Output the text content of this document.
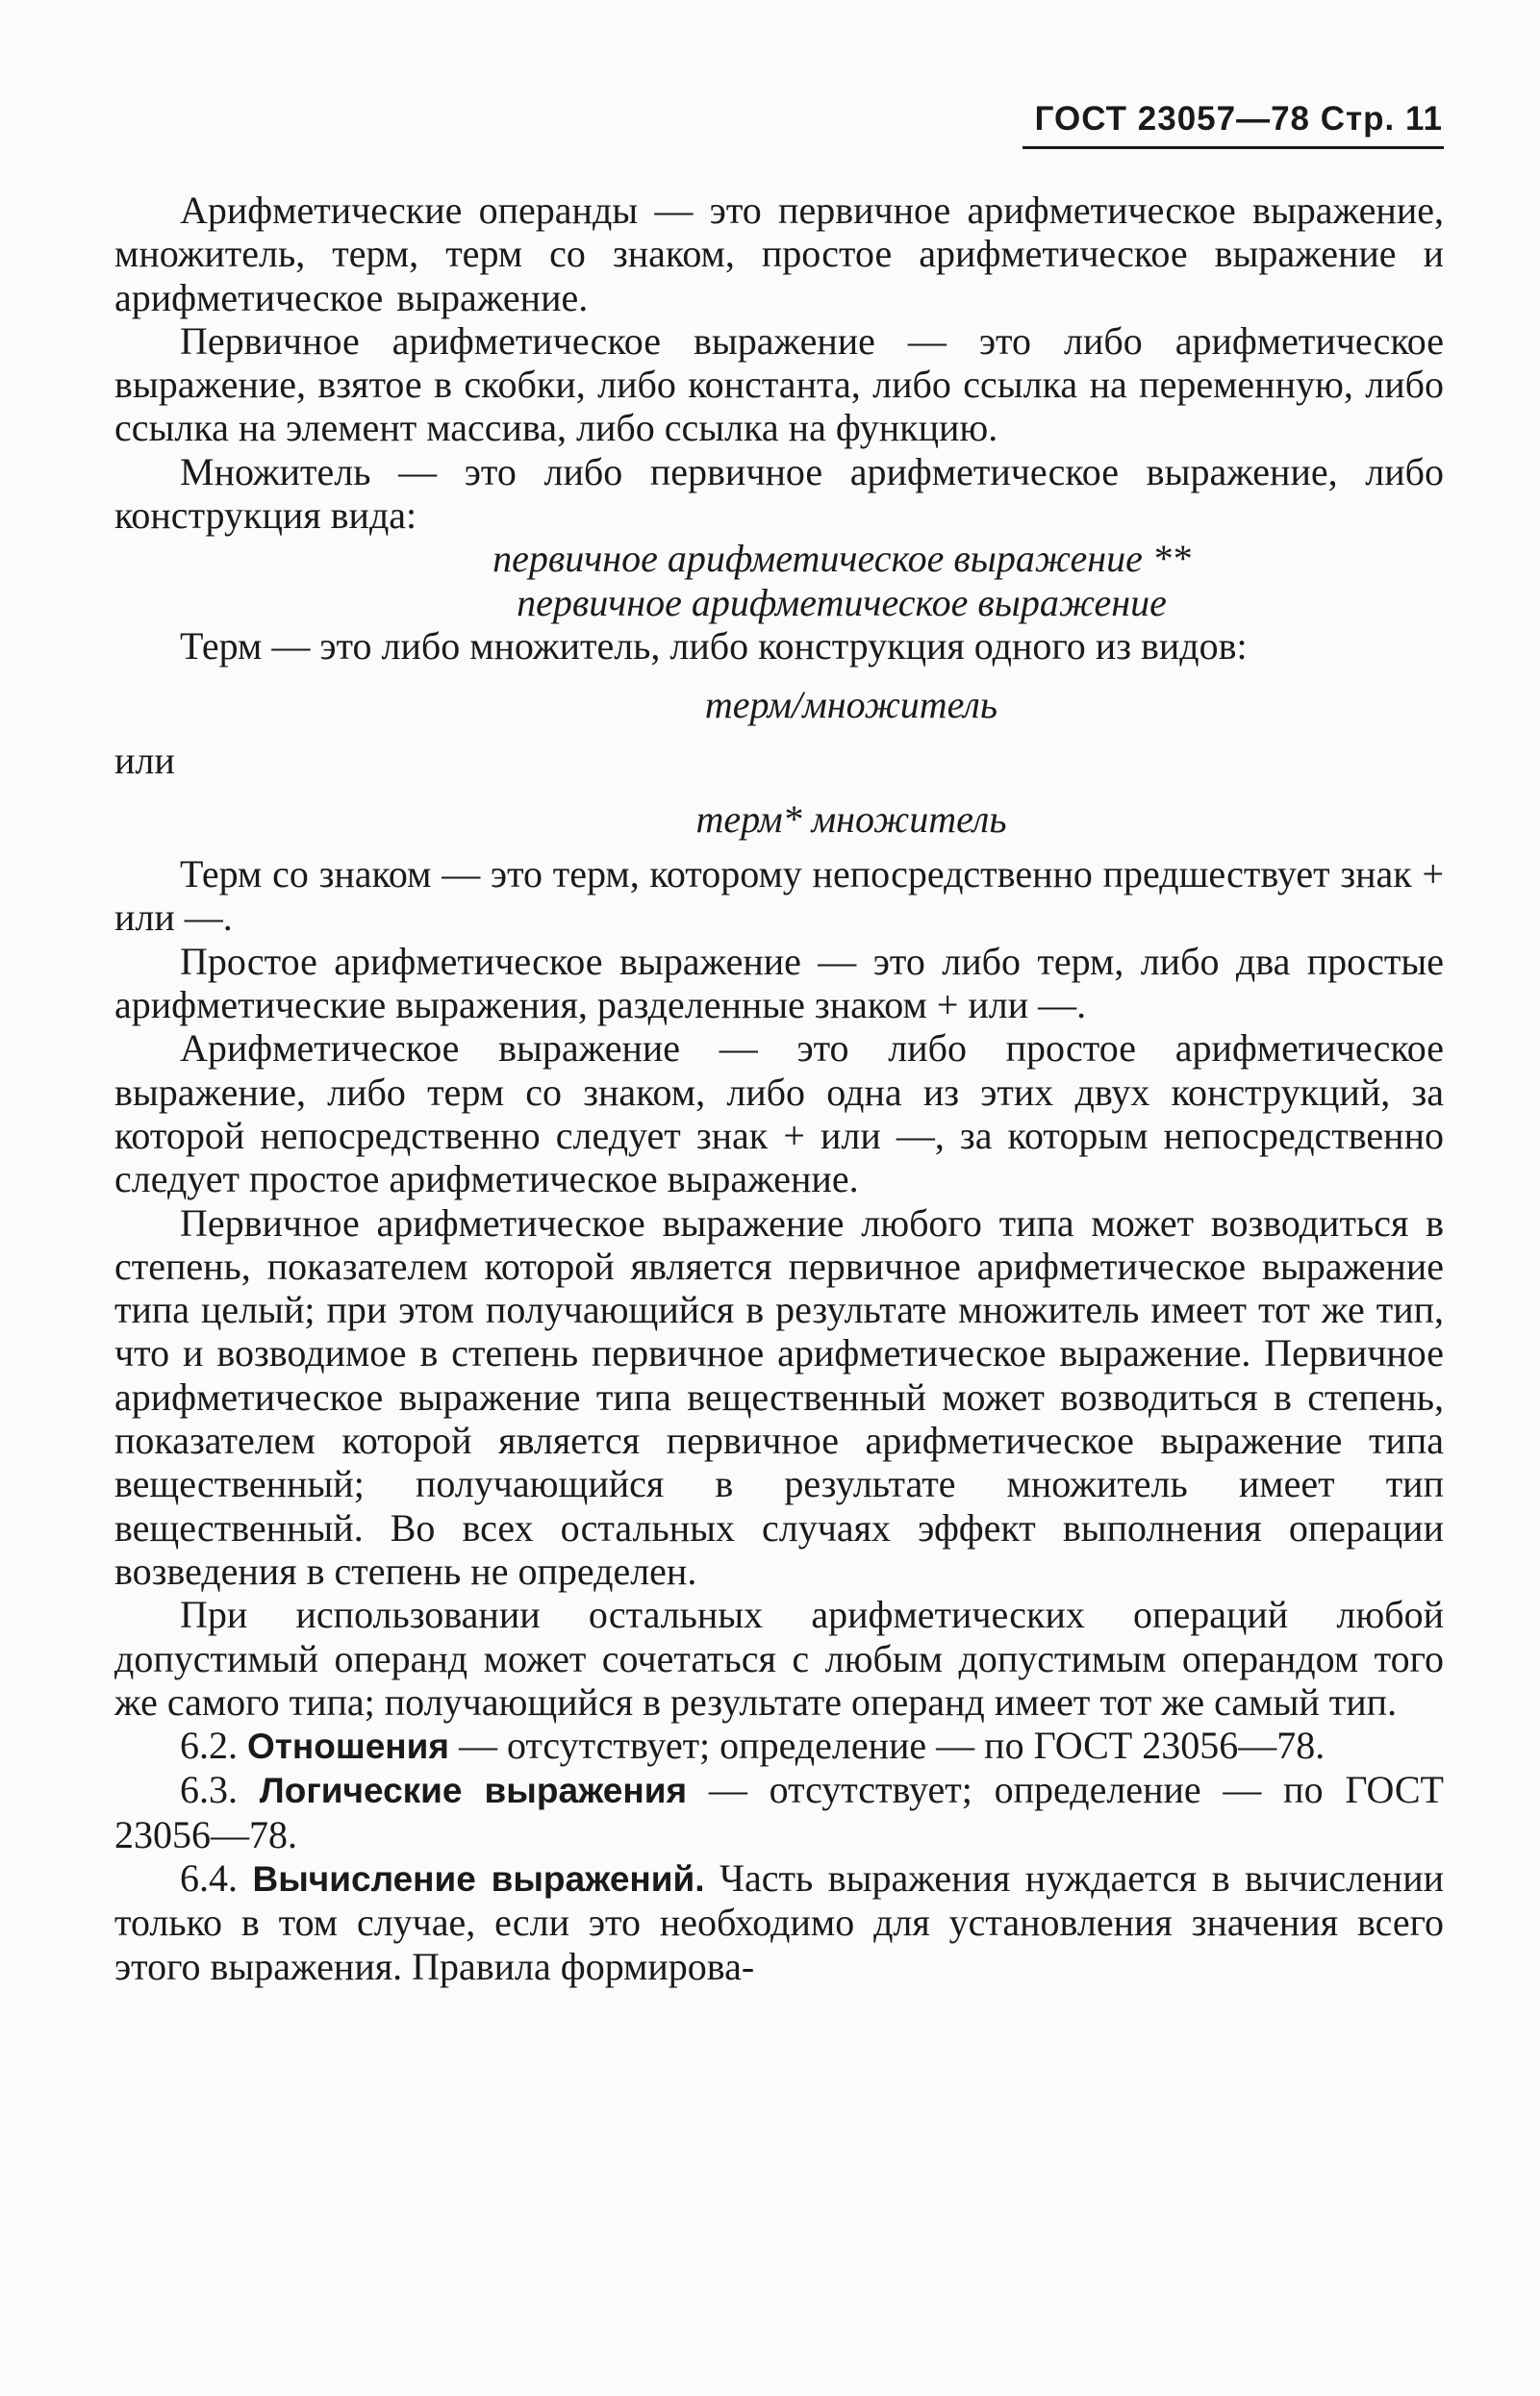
ГОСТ 23057—78 Стр. 11

Арифметические операнды — это первичное арифметическое выражение, множитель, терм, терм со знаком, простое арифметическое выражение и арифметическое выражение.

Первичное арифметическое выражение — это либо арифметическое выражение, взятое в скобки, либо константа, либо ссылка на переменную, либо ссылка на элемент массива, либо ссылка на функцию.

Множитель — это либо первичное арифметическое выражение, либо конструкция вида:

первичное арифметическое выражение **

первичное арифметическое выражение

Терм — это либо множитель, либо конструкция одного из видов:

терм/множитель

или

терм* множитель

Терм со знаком — это терм, которому непосредственно предшествует знак + или —.

Простое арифметическое выражение — это либо терм, либо два простые арифметические выражения, разделенные знаком + или —.

Арифметическое выражение — это либо простое арифметическое выражение, либо терм со знаком, либо одна из этих двух конструкций, за которой непосредственно следует знак + или —, за которым непосредственно следует простое арифметическое выражение.

Первичное арифметическое выражение любого типа может возводиться в степень, показателем которой является первичное арифметическое выражение типа целый; при этом получающийся в результате множитель имеет тот же тип, что и возводимое в степень первичное арифметическое выражение. Первичное арифметическое выражение типа вещественный может возводиться в степень, показателем которой является первичное арифметическое выражение типа вещественный; получающийся в результате множитель имеет тип вещественный. Во всех остальных случаях эффект выполнения операции возведения в степень не определен.

При использовании остальных арифметических операций любой допустимый операнд может сочетаться с любым допустимым операндом того же самого типа; получающийся в результате операнд имеет тот же самый тип.

6.2. Отношения — отсутствует; определение — по ГОСТ 23056—78.

6.3. Логические выражения — отсутствует; определение — по ГОСТ 23056—78.

6.4. Вычисление выражений. Часть выражения нуждается в вычислении только в том случае, если это необходимо для установления значения всего этого выражения. Правила формирова-
